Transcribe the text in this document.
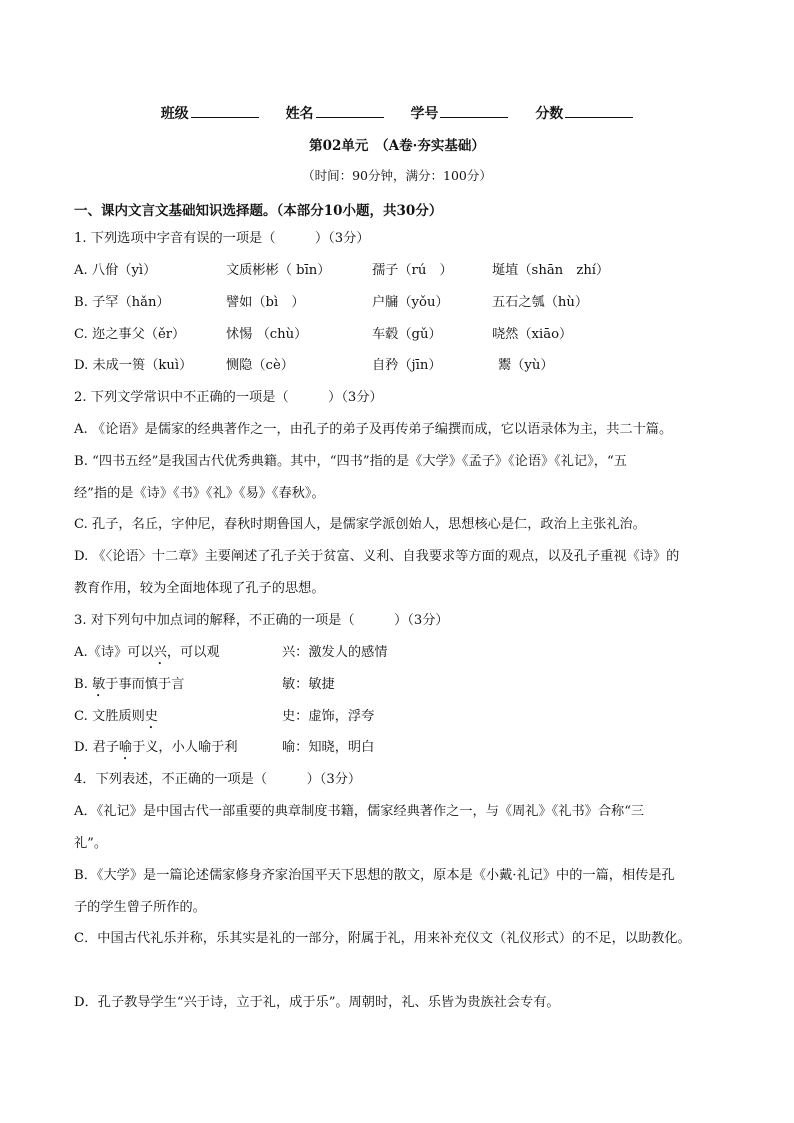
班级	姓名	学号	分数
第02单元　（A卷·夯实基础）
（时间：90分钟，满分：100分）
一、课内文言文基础知识选择题。（本部分10小题，共30分）
1. 下列选项中字音有误的一项是（　　　）（3分）
A. 八佾（yì）	文质彬彬（ bīn）	孺子（rú　）	埏埴（shān　zhí）
B. 子罕（hǎn）	譬如（bì　）	户牖（yǒu）	五石之瓠（hù）
C. 迩之事父（ěr）	怵惕 （chù）	车毂（gǔ）	哓然（xiāo）
D. 未成一篑（kuì）	恻隐（cè）	自矜（jīn）	鬻（yù）
2. 下列文学常识中不正确的一项是（　　　）（3分）
A. 《论语》是儒家的经典著作之一，由孔子的弟子及再传弟子编撰而成，它以语录体为主，共二十篇。
B. “四书五经”是我国古代优秀典籍。其中，“四书”指的是《大学》《孟子》《论语》《礼记》，“五
经”指的是《诗》《书》《礼》《易》《春秋》。
C. 孔子，名丘，字仲尼，春秋时期鲁国人，是儒家学派创始人，思想核心是仁，政治上主张礼治。
D. 《〈论语〉十二章》主要阐述了孔子关于贫富、义利、自我要求等方面的观点，以及孔子重视《诗》的
教育作用，较为全面地体现了孔子的思想。
3. 对下列句中加点词的解释，不正确的一项是（　　　）（3分）
A.《诗》可以兴，可以观	兴：激发人的感情
B. 敏于事而慎于言	敏：敏捷
C. 文胜质则史	史：虚饰，浮夸
D. 君子喻于义，小人喻于利	喻：知晓，明白
4．下列表述，不正确的一项是（　　　）（3分）
A．《礼记》是中国古代一部重要的典章制度书籍，儒家经典著作之一，与《周礼》《礼书》合称“三
礼”。
B．《大学》是一篇论述儒家修身齐家治国平天下思想的散文，原本是《小戴·礼记》中的一篇，相传是孔
子的学生曾子所作的。
C．中国古代礼乐并称，乐其实是礼的一部分，附属于礼，用来补充仪文（礼仪形式）的不足，以助教化。
D．孔子教导学生“兴于诗，立于礼，成于乐”。周朝时，礼、乐皆为贵族社会专有。
